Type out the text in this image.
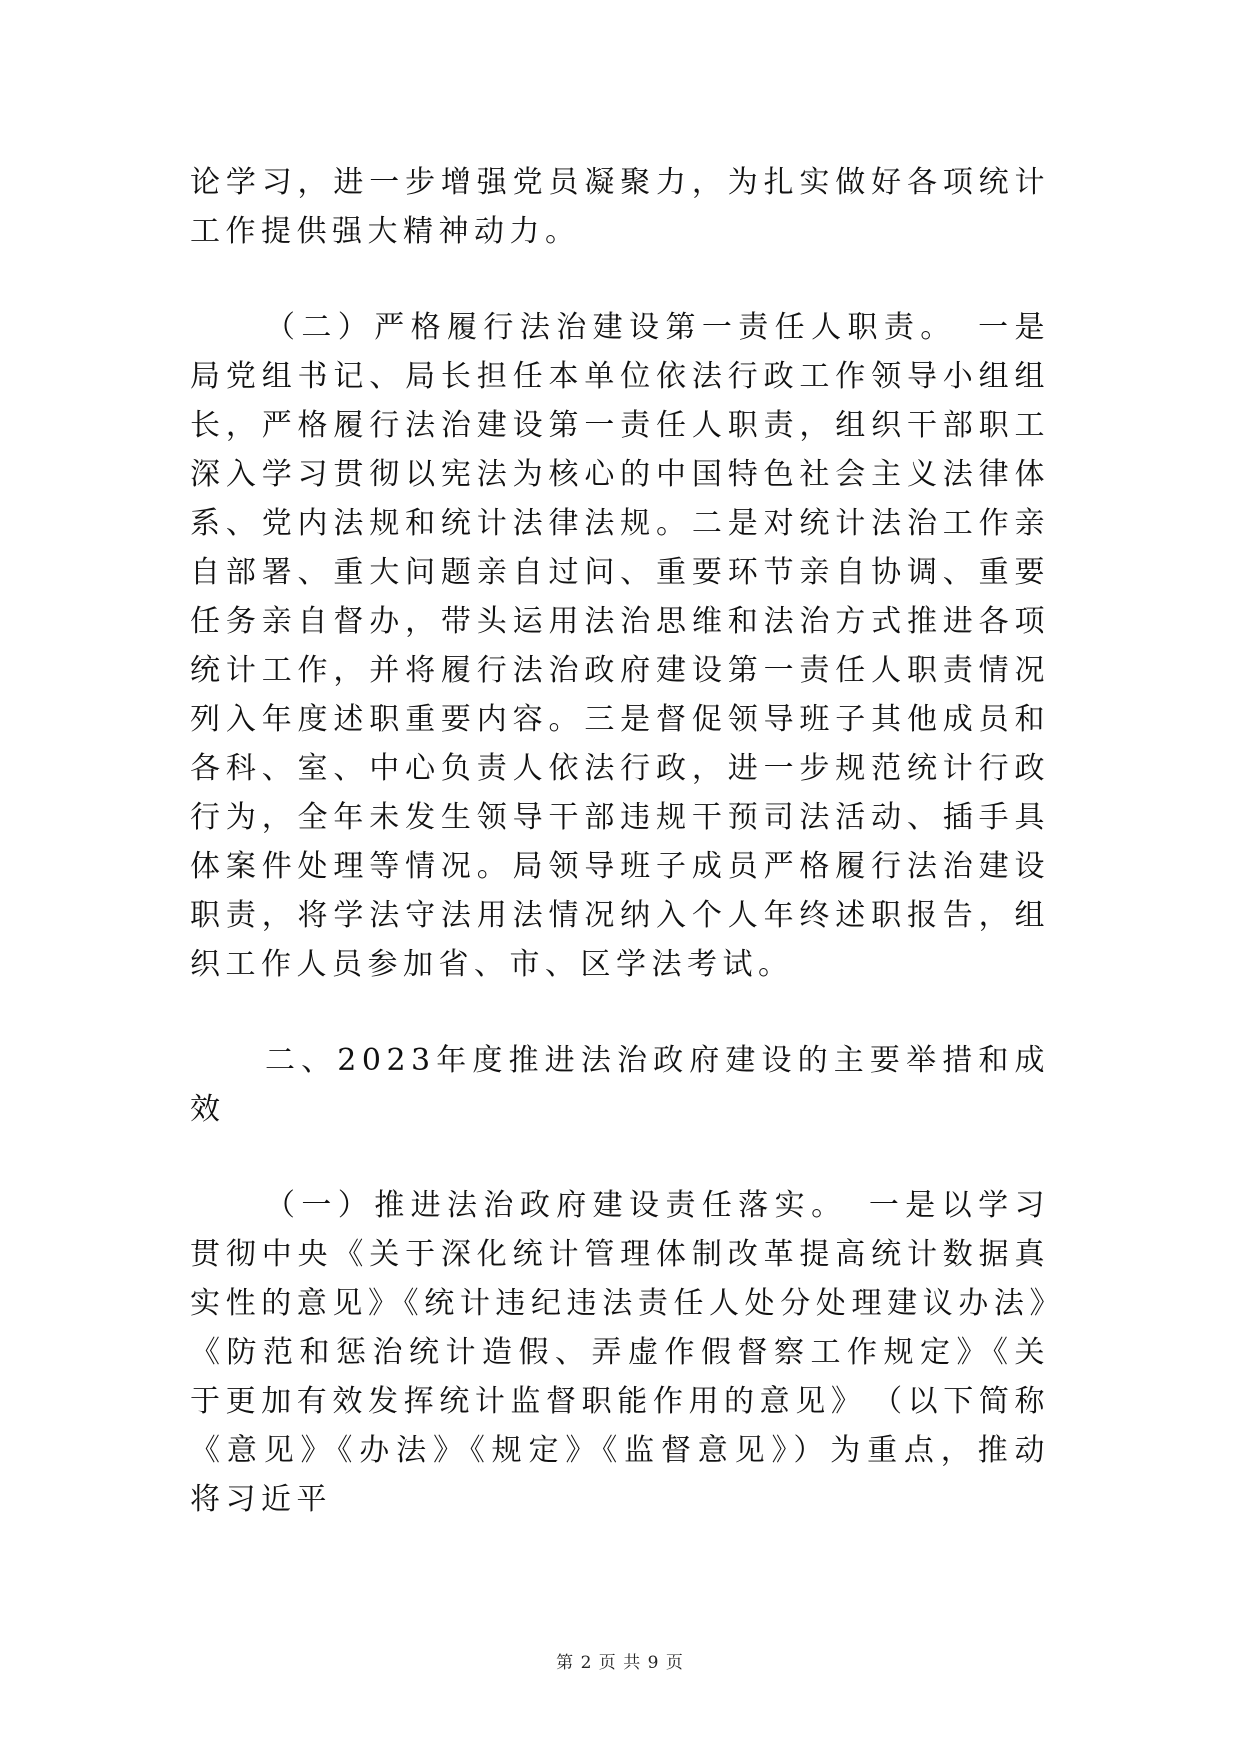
论学习，进一步增强党员凝聚力，为扎实做好各项统计工作提供强大精神动力。

（二）严格履行法治建设第一责任人职责。　一是局党组书记、局长担任本单位依法行政工作领导小组组长，严格履行法治建设第一责任人职责，组织干部职工深入学习贯彻以宪法为核心的中国特色社会主义法律体系、党内法规和统计法律法规。二是对统计法治工作亲自部署、重大问题亲自过问、重要环节亲自协调、重要任务亲自督办，带头运用法治思维和法治方式推进各项统计工作，并将履行法治政府建设第一责任人职责情况列入年度述职重要内容。三是督促领导班子其他成员和各科、室、中心负责人依法行政，进一步规范统计行政行为，全年未发生领导干部违规干预司法活动、插手具体案件处理等情况。局领导班子成员严格履行法治建设职责，将学法守法用法情况纳入个人年终述职报告，组织工作人员参加省、市、区学法考试。

二、2023年度推进法治政府建设的主要举措和成效

（一）推进法治政府建设责任落实。　一是以学习贯彻中央《关于深化统计管理体制改革提高统计数据真实性的意见》《统计违纪违法责任人处分处理建议办法》《防范和惩治统计造假、弄虚作假督察工作规定》《关于更加有效发挥统计监督职能作用的意见》　（以下简称《意见》《办法》《规定》《监督意见》）为重点，推动将习近平

第 2 页 共 9 页
